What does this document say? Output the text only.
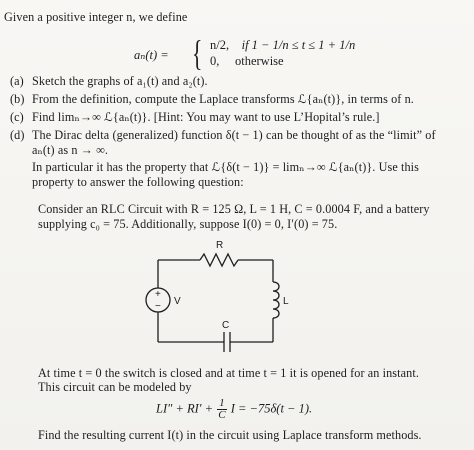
Given a positive integer n, we define
aₙ(t) = { n/2, if 1 − 1/n ≤ t ≤ 1 + 1/n
0, otherwise
(a) Sketch the graphs of a₁(t) and a₂(t).
(b) From the definition, compute the Laplace transforms ℒ{aₙ(t)}, in terms of n.
(c) Find limₙ→∞ ℒ{aₙ(t)}. [Hint: You may want to use L’Hopital’s rule.]
(d) The Dirac delta (generalized) function δ(t − 1) can be thought of as the “limit” of
aₙ(t) as n → ∞.
In particular it has the property that ℒ{δ(t − 1)} = limₙ→∞ ℒ{aₙ(t)}. Use this
property to answer the following question:
Consider an RLC Circuit with R = 125 Ω, L = 1 H, C = 0.0004 F, and a battery
supplying c₀ = 75. Additionally, suppose I(0) = 0, I′(0) = 75.
+
−
R
V	L
C
At time t = 0 the switch is closed and at time t = 1 it is opened for an instant.
This circuit can be modeled by
$LI'' + RI' + \frac{1}{C}$ I = −75δ(t − 1).
Find the resulting current I(t) in the circuit using Laplace transform methods.
